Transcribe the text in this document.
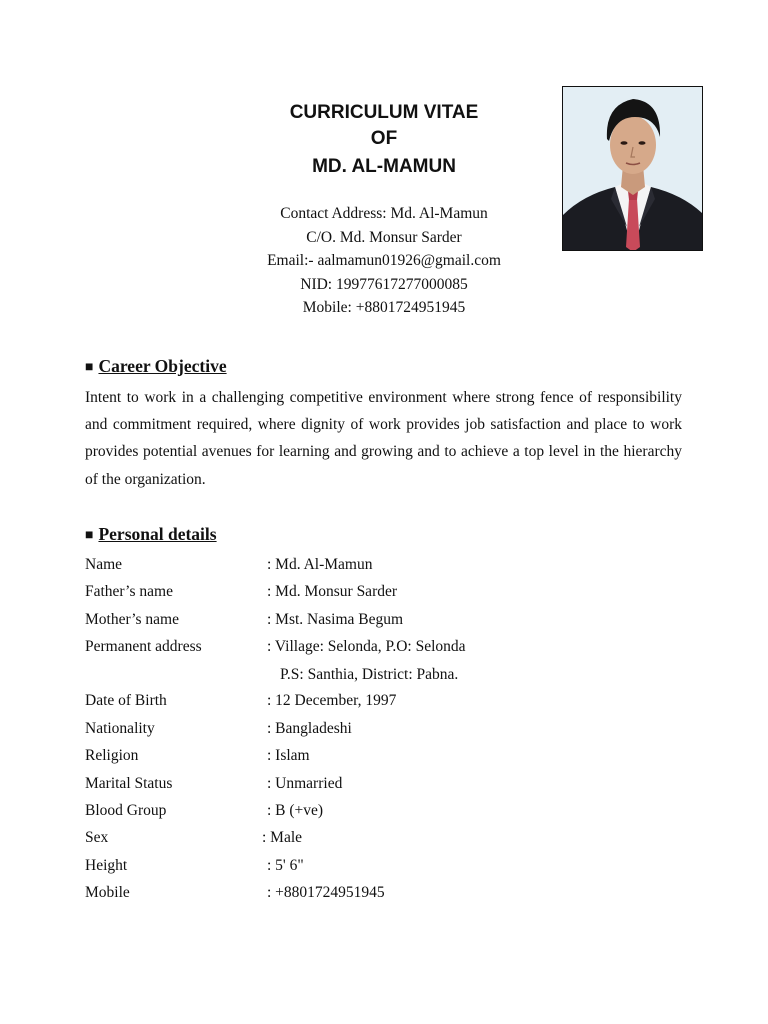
CURRICULUM VITAE
OF
MD. AL-MAMUN
Contact Address: Md. Al-Mamun
C/O. Md. Monsur Sarder
Email:- aalmamun01926@gmail.com
NID: 19977617277000085
Mobile: +8801724951945
■ Career Objective
Intent to work in a challenging competitive environment where strong fence of responsibility and commitment required, where dignity of work provides job satisfaction and place to work provides potential avenues for learning and growing and to achieve a top level in the hierarchy of the organization.
■ Personal details
Name	: Md. Al-Mamun
Father’s name	: Md. Monsur Sarder
Mother’s name	: Mst. Nasima Begum
Permanent address	: Village: Selonda, P.O: Selonda
P.S: Santhia, District: Pabna.
Date of Birth	: 12 December, 1997
Nationality	: Bangladeshi
Religion	: Islam
Marital Status	: Unmarried
Blood Group	: B (+ve)
Sex	: Male
Height	: 5' 6"
Mobile	: +8801724951945
